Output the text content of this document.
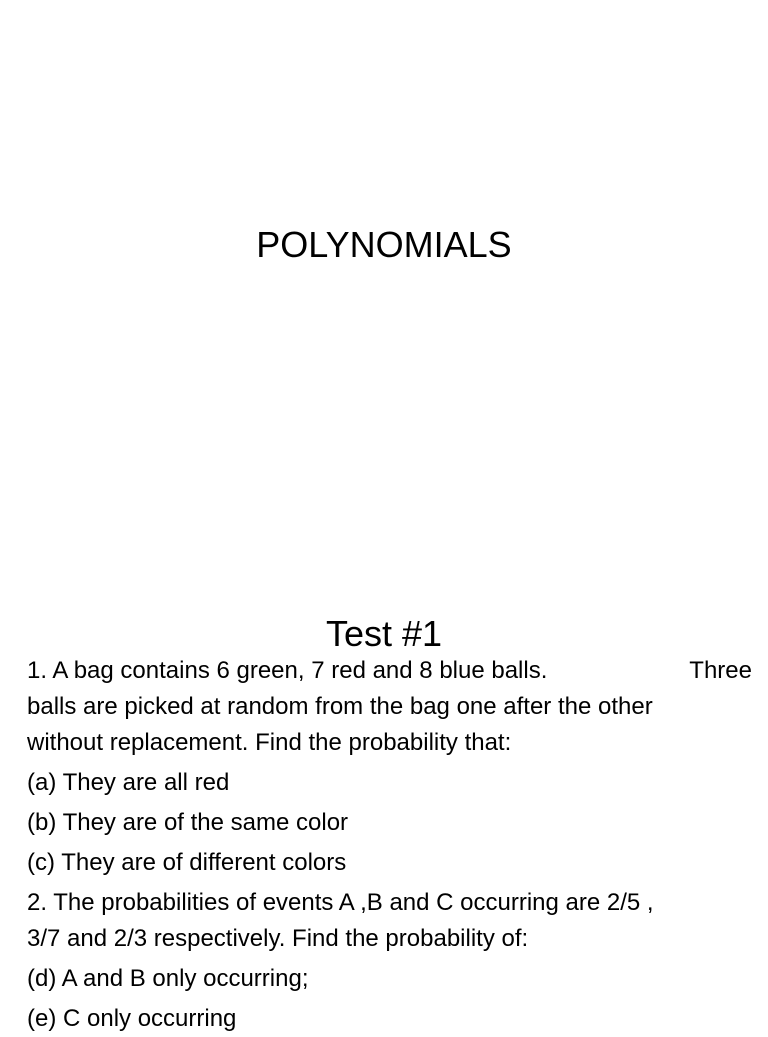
POLYNOMIALS
Test #1
1. A bag contains 6 green, 7 red and 8 blue balls.	Three
balls are picked at random from the bag one after the other
without replacement. Find the probability that:
(a) They are all red
(b) They are of the same color
(c) They are of different colors
2. The probabilities of events A ,B and C occurring are 2/5 ,
3/7 and 2/3 respectively. Find the probability of:
(d) A and B only occurring;
(e) C only occurring
